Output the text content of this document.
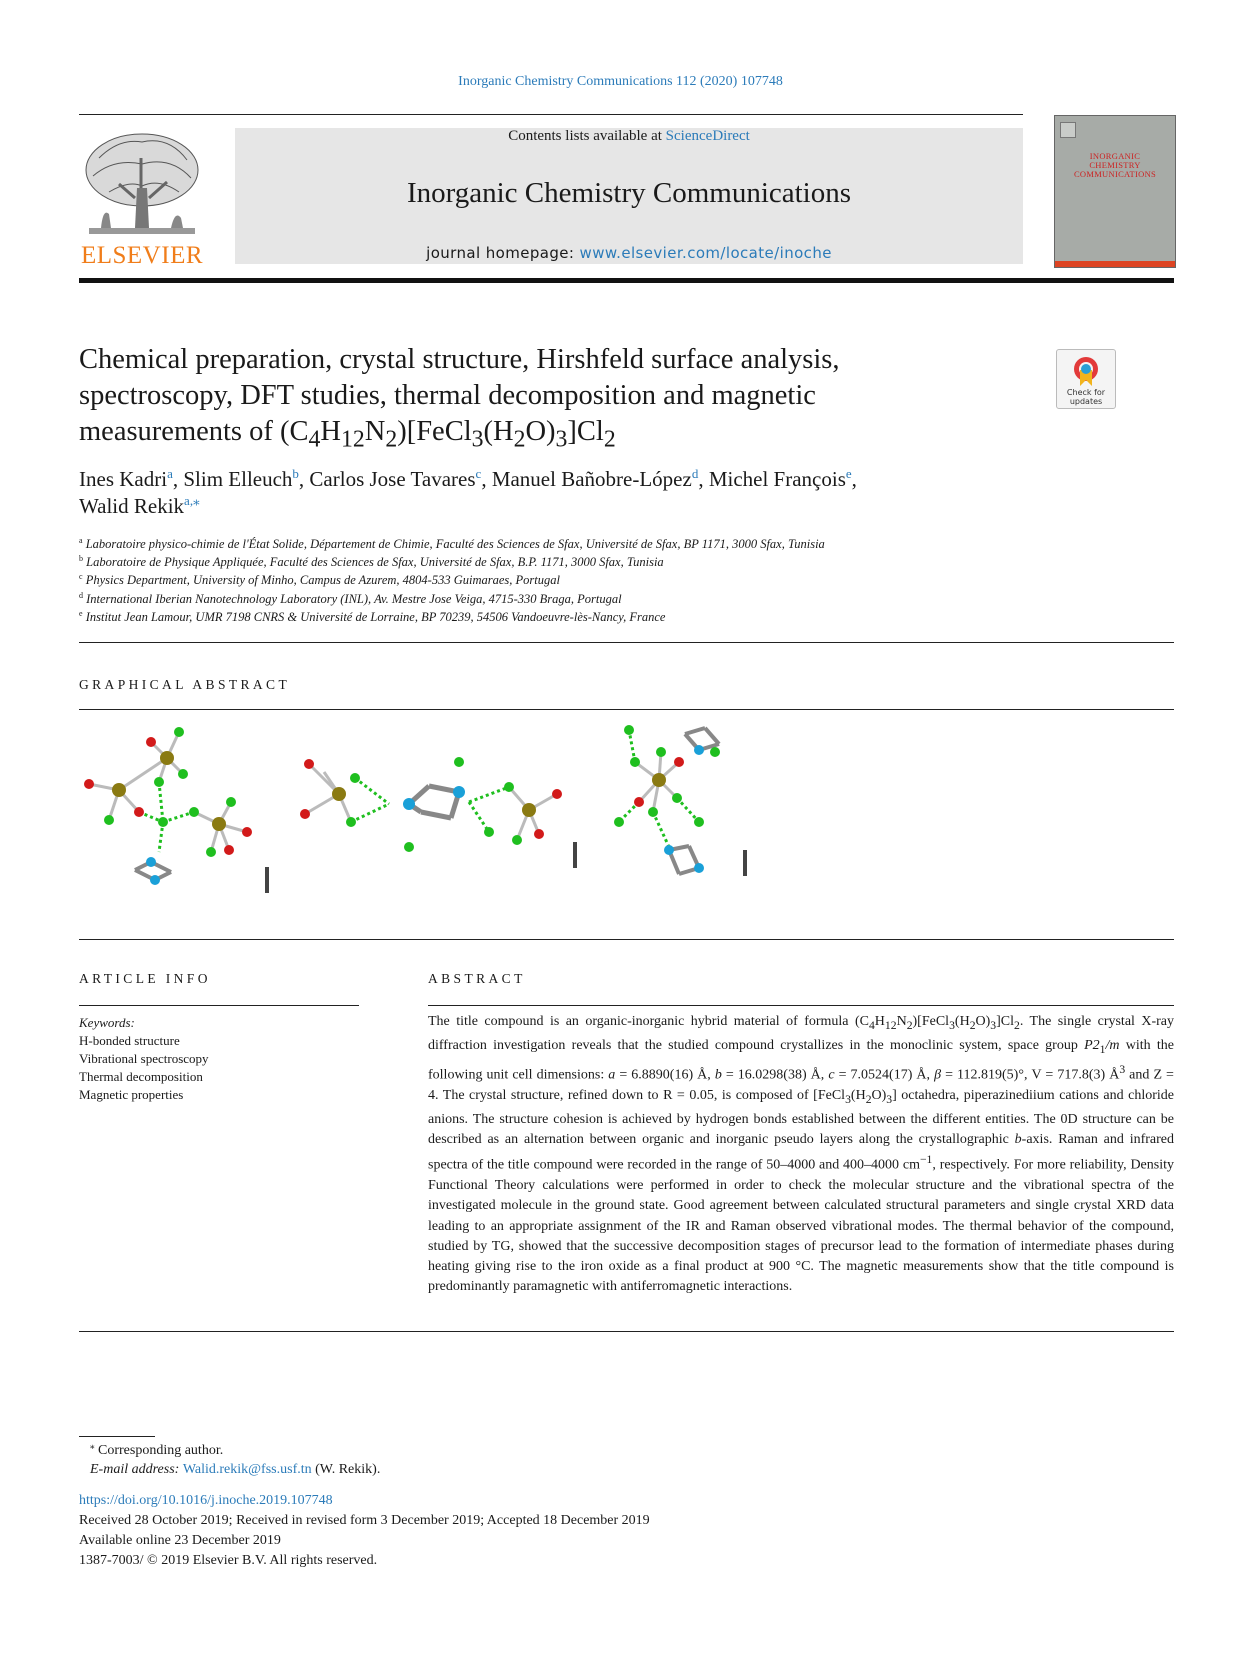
Inorganic Chemistry Communications 112 (2020) 107748
ELSEVIER
Contents lists available at ScienceDirect
Inorganic Chemistry Communications
journal homepage: www.elsevier.com/locate/inoche
INORGANIC
CHEMISTRY
COMMUNICATIONS
Chemical preparation, crystal structure, Hirshfeld surface analysis,
spectroscopy, DFT studies, thermal decomposition and magnetic
measurements of $(C_4H_{12}N_2)[FeCl_3(H_2O)_3]Cl_2$
Check for
updates
Ines Kadri$^a$, Slim Elleuch$^b$, Carlos Jose Tavares$^c$, Manuel Bañobre-López$^d$, Michel François$^e$,
Walid Rekik$^{a,⁎}$
$^a$ Laboratoire physico-chimie de l'État Solide, Département de Chimie, Faculté des Sciences de Sfax, Université de Sfax, BP 1171, 3000 Sfax, Tunisia
$^b$ Laboratoire de Physique Appliquée, Faculté des Sciences de Sfax, Université de Sfax, B.P. 1171, 3000 Sfax, Tunisia
$^c$ Physics Department, University of Minho, Campus de Azurem, 4804-533 Guimaraes, Portugal
$^d$ International Iberian Nanotechnology Laboratory (INL), Av. Mestre Jose Veiga, 4715-330 Braga, Portugal
$^e$ Institut Jean Lamour, UMR 7198 CNRS & Université de Lorraine, BP 70239, 54506 Vandoeuvre-lès-Nancy, France
GRAPHICAL ABSTRACT
ARTICLE INFO
Keywords:
H-bonded structure
Vibrational spectroscopy
Thermal decomposition
Magnetic properties
ABSTRACT
The title compound is an organic-inorganic hybrid material of formula $(C_4H_{12}N_2)[FeCl_3(H_2O)_3]Cl_2$. The single crystal X-ray diffraction investigation reveals that the studied compound crystallizes in the monoclinic system, space group $P2_1/m$ with the following unit cell dimensions: a = 6.8890(16) Å, b = 16.0298(38) Å, c = 7.0524(17) Å, β = 112.819(5)°, V = 717.8(3) $Å^3$ and Z = 4. The crystal structure, refined down to R = 0.05, is composed of $[FeCl_3(H_2O)_3]$ octahedra, piperazinediium cations and chloride anions. The structure cohesion is achieved by hydrogen bonds established between the different entities. The 0D structure can be described as an alternation between organic and inorganic pseudo layers along the crystallographic b-axis. Raman and infrared spectra of the title compound were recorded in the range of 50–4000 and 400–4000 $cm^{-1}$, respectively. For more reliability, Density Functional Theory calculations were performed in order to check the molecular structure and the vibrational spectra of the investigated molecule in the ground state. Good agreement between calculated structural parameters and single crystal XRD data leading to an appropriate assignment of the IR and Raman observed vibrational modes. The thermal behavior of the compound, studied by TG, showed that the successive decomposition stages of precursor lead to the formation of intermediate phases during heating giving rise to the iron oxide as a final product at 900 °C. The magnetic measurements show that the title compound is predominantly paramagnetic with antiferromagnetic interactions.
⁎ Corresponding author.
E-mail address: Walid.rekik@fss.usf.tn (W. Rekik).
https://doi.org/10.1016/j.inoche.2019.107748
Received 28 October 2019; Received in revised form 3 December 2019; Accepted 18 December 2019
Available online 23 December 2019
1387-7003/ © 2019 Elsevier B.V. All rights reserved.
